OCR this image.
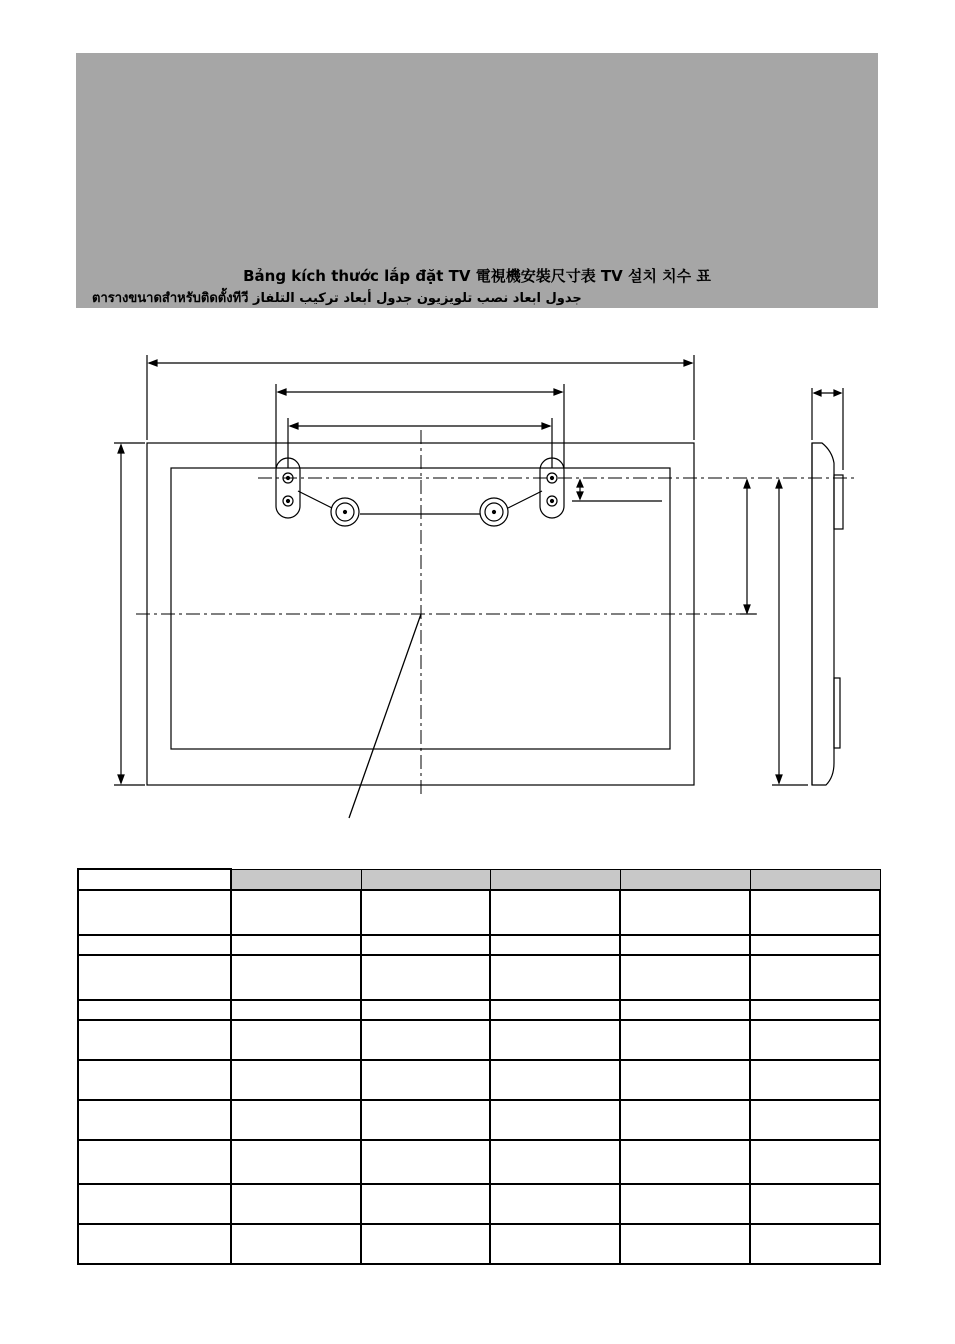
Bảng kích thước lắp đặt TV 電視機安裝尺寸表 TV 설치 치수 표
ตารางขนาดสำหรับติดตั้งทีวี جدول ابعاد نصب تلویزیون جدول أبعاد تركيب التلفاز
